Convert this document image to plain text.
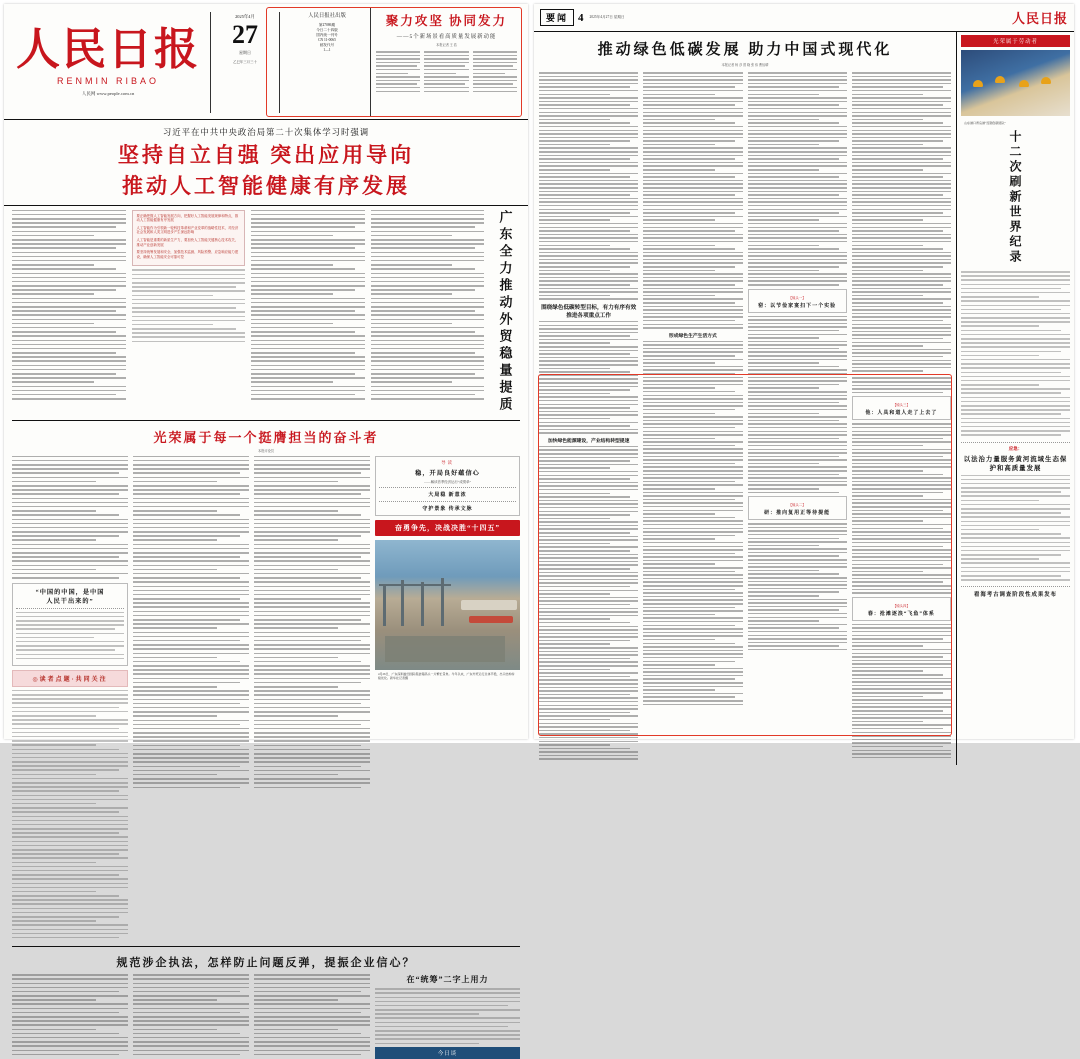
人民日报
RENMIN RIBAO
人民网 www.people.com.cn
2025年4月
27
星期日
乙巳年三月三十
人民日报社出版
第27086期
今日二十四版
国内统一刊号
CN 11-0065
邮发代号
1—1
聚力攻坚 协同发力
——5个新场景看高质量发展新动能
本报记者 王 浩
习近平在中共中央政治局第二十次集体学习时强调
坚持自立自强 突出应用导向
推动人工智能健康有序发展
要正确把握人工智能发展方向，把握好人工智能发展规律和特点，推动人工智能健康有序发展
人工智能作为引领新一轮科技革命和产业变革的战略性技术，对经济社会发展和人类文明进步产生深远影响
人工智能是重要的新质生产力，要加快人工智能关键核心技术攻关，推动产业创新发展
要坚持统筹发展和安全，加强技术监测、风险预警、应急响应能力建设，确保人工智能安全可靠可控	广东全力推动外贸稳量提质
光荣属于每一个挺膺担当的奋斗者
本报评论员
“中国的中国，是中国
人民干出来的”
◎读者点题·共同关注
导读
稳，开局良好蕴信心
——解读首季经济运行“成绩单”
大局稳 新意浓
守护景象 传承文脉
奋勇争先，决战决胜“十四五”
4月26日，广东深圳盐田国际集装箱码头一片繁忙景象。今年以来，广东外贸运行总体平稳，出口结构持续优化。新华社记者摄
规范涉企执法，怎样防止问题反弹，提振企业信心？
在“统筹”二字上用力
今日谈
要闻 4 2025年4月27日 星期日	人民日报
推动绿色低碳发展 助力中国式现代化
本报记者 杨 彦 曾 晓 张 伟 曹怡晴
围绕绿色低碳转型目标，有力有序有效推进各项重点工作
加快绿色能源建设，产业结构转型提速
形成绿色生产生活方式
【镜头一】
窑：以节俭家宴扫下一个实验
【镜头二】
研：推向复用正等待提能
【镜头三】
他：人具和道人走了上去了
【镜头四】
春：抢滩逐浪“飞鱼”体系
光荣属于劳动者
山东港口青岛港“连钢创新团队”
十二次刷新世界纪录
应急：
以法治力量服务黄河流域生态保护和高质量发展
看海考古调查阶段性成果发布
